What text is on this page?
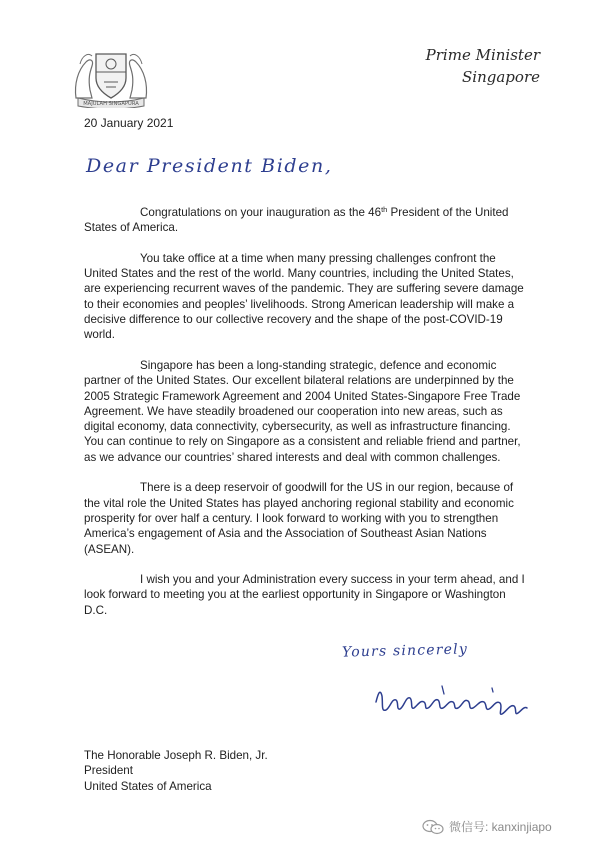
MAJULAH SINGAPURA
Prime Minister
Singapore
20 January 2021
Dear President Biden,

Congratulations on your inauguration as the 46th President of the United States of America.

You take office at a time when many pressing challenges confront the United States and the rest of the world. Many countries, including the United States, are experiencing recurrent waves of the pandemic. They are suffering severe damage to their economies and peoples’ livelihoods. Strong American leadership will make a decisive difference to our collective recovery and the shape of the post-COVID-19 world.

Singapore has been a long-standing strategic, defence and economic partner of the United States. Our excellent bilateral relations are underpinned by the 2005 Strategic Framework Agreement and 2004 United States-Singapore Free Trade Agreement. We have steadily broadened our cooperation into new areas, such as digital economy, data connectivity, cybersecurity, as well as infrastructure financing. You can continue to rely on Singapore as a consistent and reliable friend and partner, as we advance our countries’ shared interests and deal with common challenges.

There is a deep reservoir of goodwill for the US in our region, because of the vital role the United States has played anchoring regional stability and economic prosperity for over half a century. I look forward to working with you to strengthen America’s engagement of Asia and the Association of Southeast Asian Nations (ASEAN).

I wish you and your Administration every success in your term ahead, and I look forward to meeting you at the earliest opportunity in Singapore or Washington D.C.

Yours sincerely
The Honorable Joseph R. Biden, Jr.
President
United States of America
微信号: kanxinjiapo
